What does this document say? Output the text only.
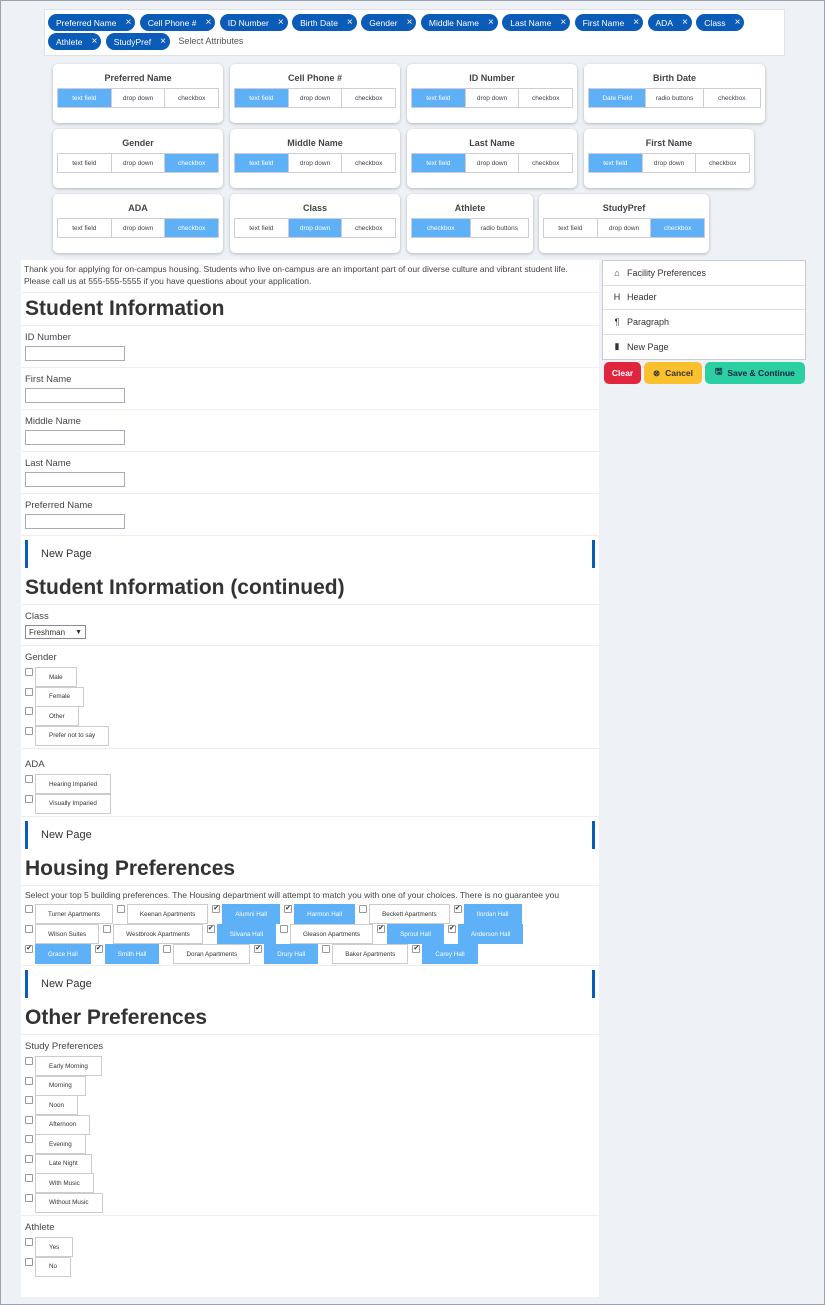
Preferred Name ×
Cell Phone # ×
ID Number ×
Birth Date ×
Gender ×
Middle Name ×
Last Name ×
First Name ×
ADA ×
Class ×

Athlete ×
StudyPref × Select Attributes
Preferred Name
text field	drop down	checkbox
Cell Phone #
text field	drop down	checkbox
ID Number
text field	drop down	checkbox
Birth Date
Date Field	radio buttons	checkbox
Gender
text field	drop down	checkbox
Middle Name
text field	drop down	checkbox
Last Name
text field	drop down	checkbox
First Name
text field	drop down	checkbox
ADA
text field	drop down	checkbox
Class
text field	drop down	checkbox
Athlete
checkbox	radio buttons
StudyPref
text field	drop down	checkbox
Thank you for applying for on-campus housing. Students who live on-campus are an important part of our diverse culture and vibrant student life. Please call us at 555-555-5555 if you have questions about your application.
Student Information
ID Number
First Name
Middle Name
Last Name
Preferred Name
New Page
Student Information (continued)
Class
Freshman ▼
Gender
Male
Female
Other
Prefer not to say
ADA
Hearing Imparied
Visually Imparied
New Page
Housing Preferences
Select your top 5 building preferences. The Housing department will attempt to match you with one of your choices. There is no guarantee you
Turner Apartments	Keenan Apartments
✔
Alumni Hall
✔
Harmon Hall	Beckett Apartments
✔
Ilordan Hall
Wilson Suites	Westbrook Apartments
✔
Silvana Hall	Gleason Apartments
✔
Sproul Hall
✔
Anderson Hall
✔
Grace Hall
✔
Smith Hall	Doran Apartments
✔
Drury Hall	Baker Apartments
✔
Carey Hall
New Page
Other Preferences
Study Preferences
Early Morning
Morning
Noon
Afternoon
Evening
Late Night
With Music
Without Music
Athlete
Yes
No
⌂ Facility Preferences
H Header
¶ Paragraph
▮ New Page
Clear ⊗ Cancel	🖫 Save & Continue
